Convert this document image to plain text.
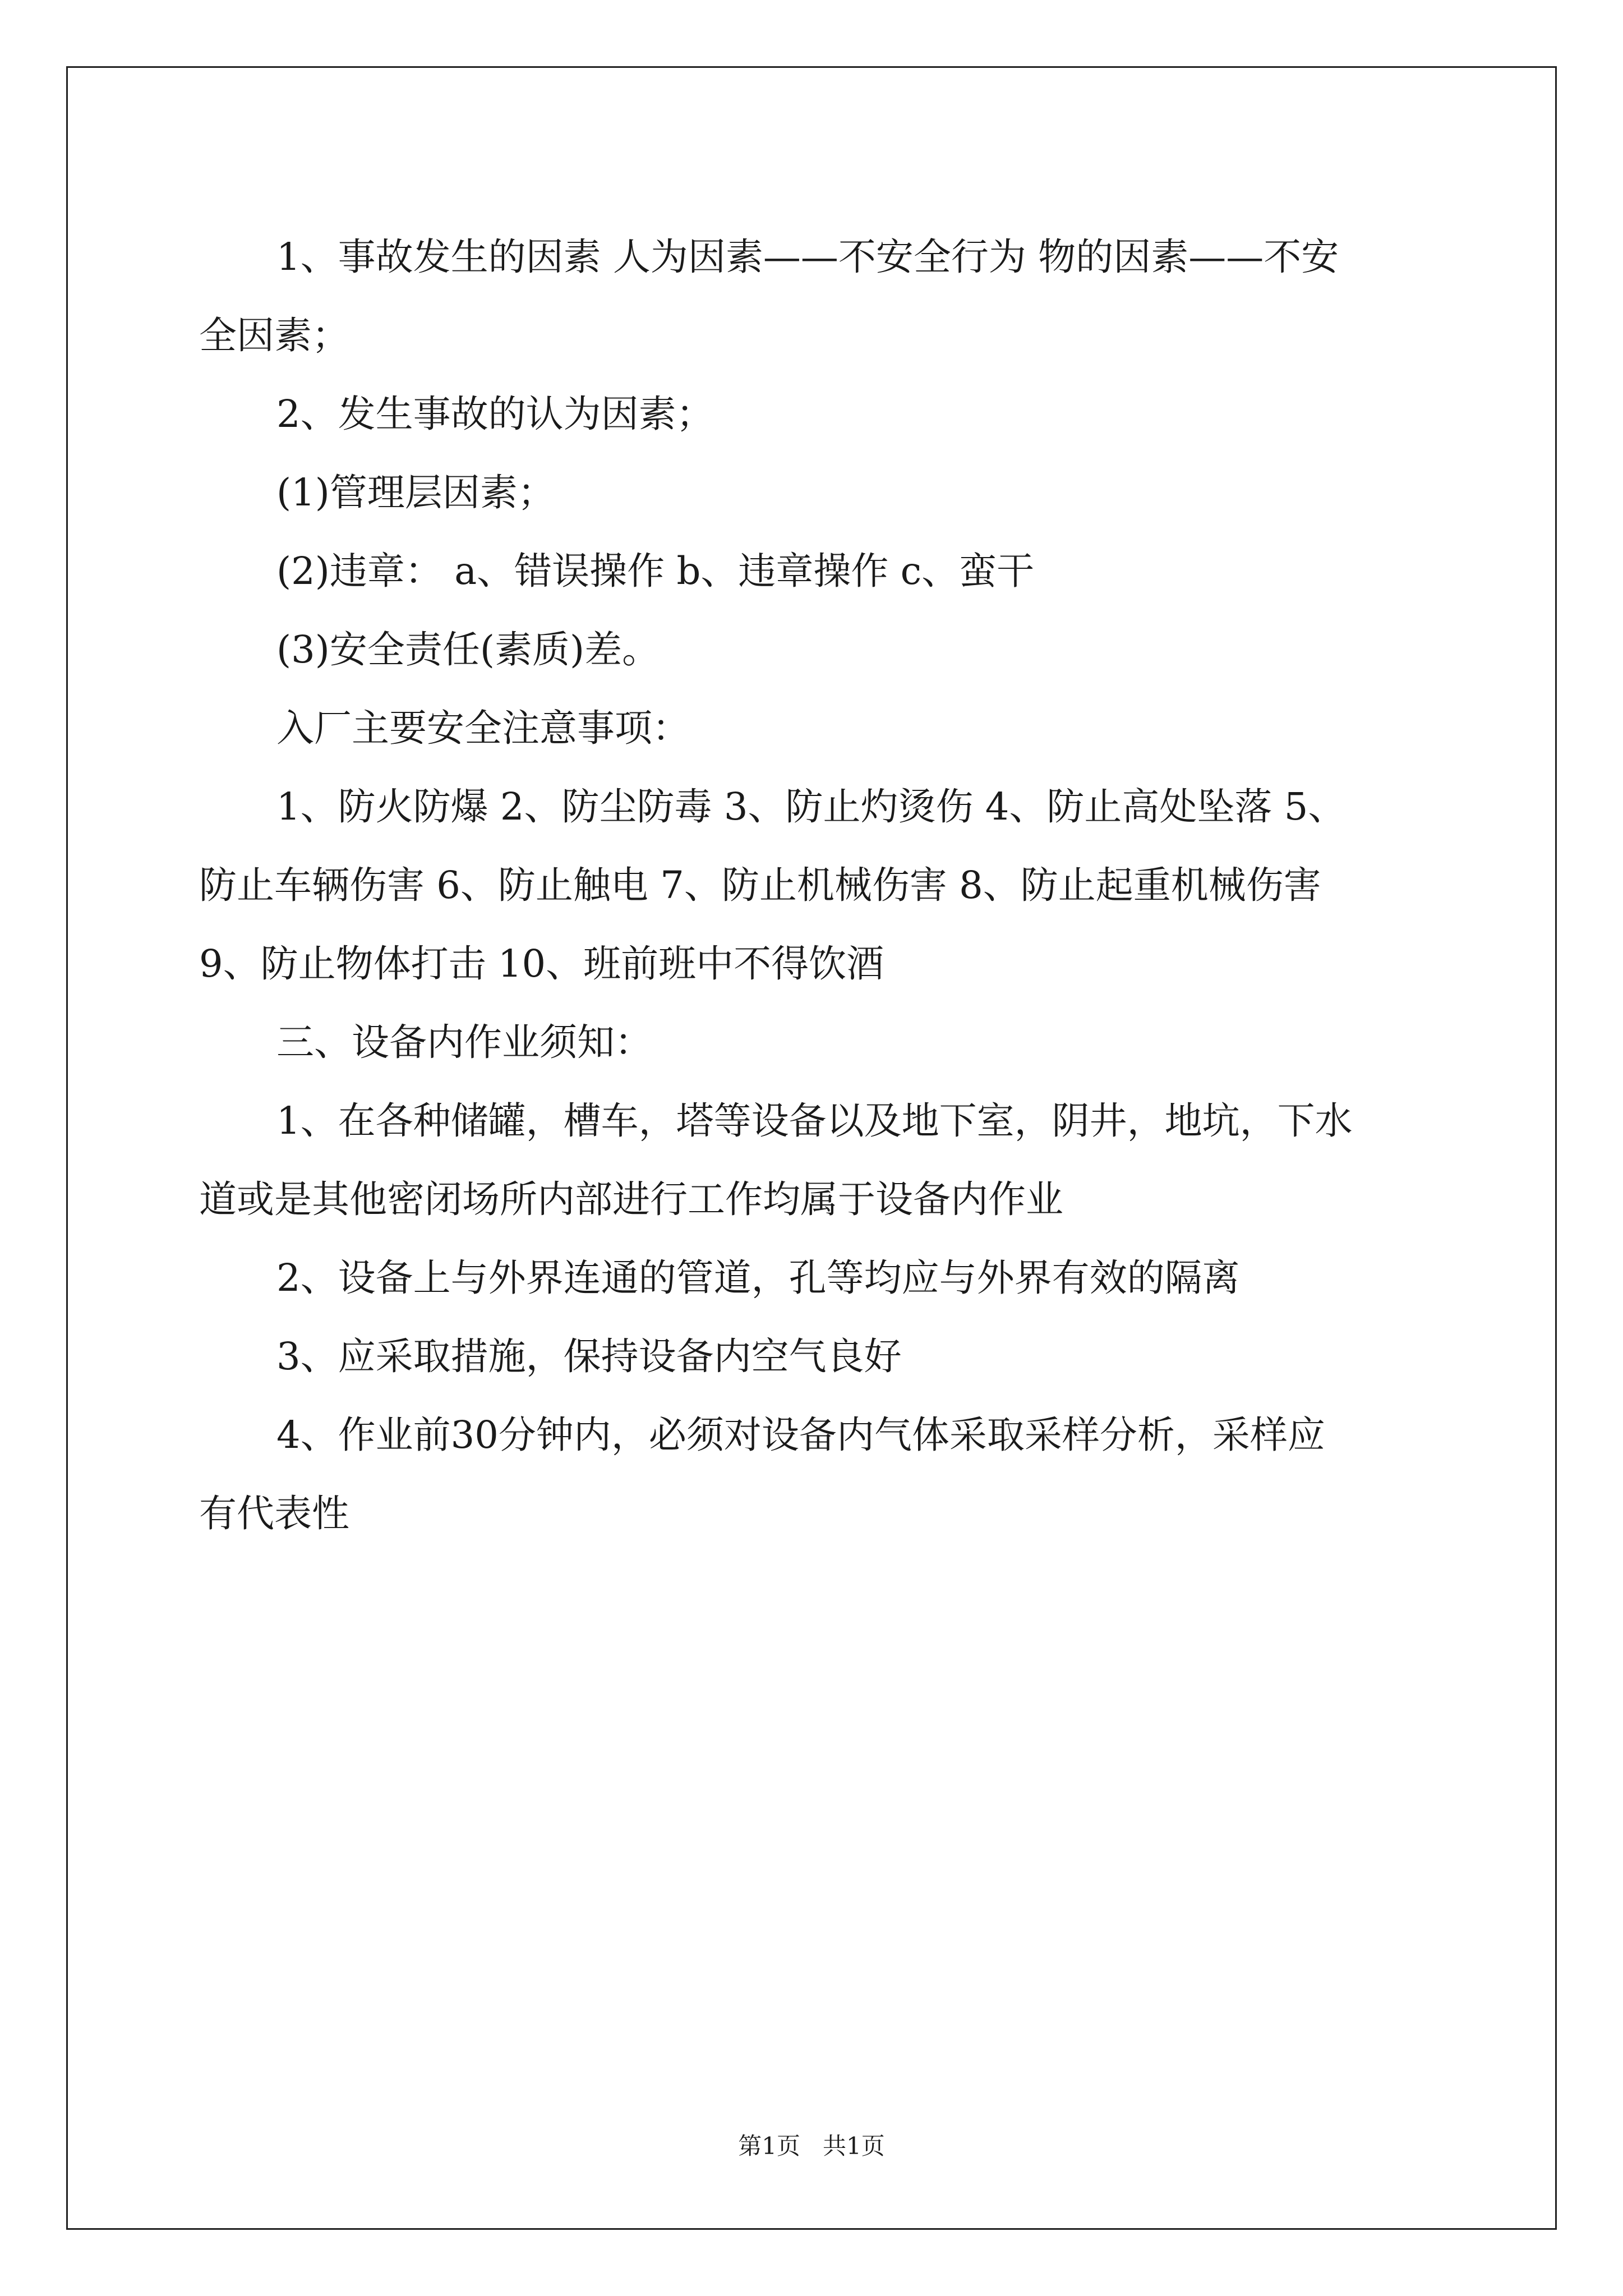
1、事故发生的因素 人为因素——不安全行为 物的因素——不安
全因素；
2、发生事故的认为因素；
(1)管理层因素；
(2)违章： a、错误操作 b、违章操作 c、蛮干
(3)安全责任(素质)差。
入厂主要安全注意事项：
1、防火防爆 2、防尘防毒 3、防止灼烫伤 4、防止高处坠落 5、
防止车辆伤害 6、防止触电 7、防止机械伤害 8、防止起重机械伤害
9、防止物体打击 10、班前班中不得饮酒
三、设备内作业须知：
1、在各种储罐，槽车，塔等设备以及地下室，阴井，地坑，下水
道或是其他密闭场所内部进行工作均属于设备内作业
2、设备上与外界连通的管道，孔等均应与外界有效的隔离
3、应采取措施，保持设备内空气良好
4、作业前30分钟内，必须对设备内气体采取采样分析，采样应
有代表性
第1页   共1页
